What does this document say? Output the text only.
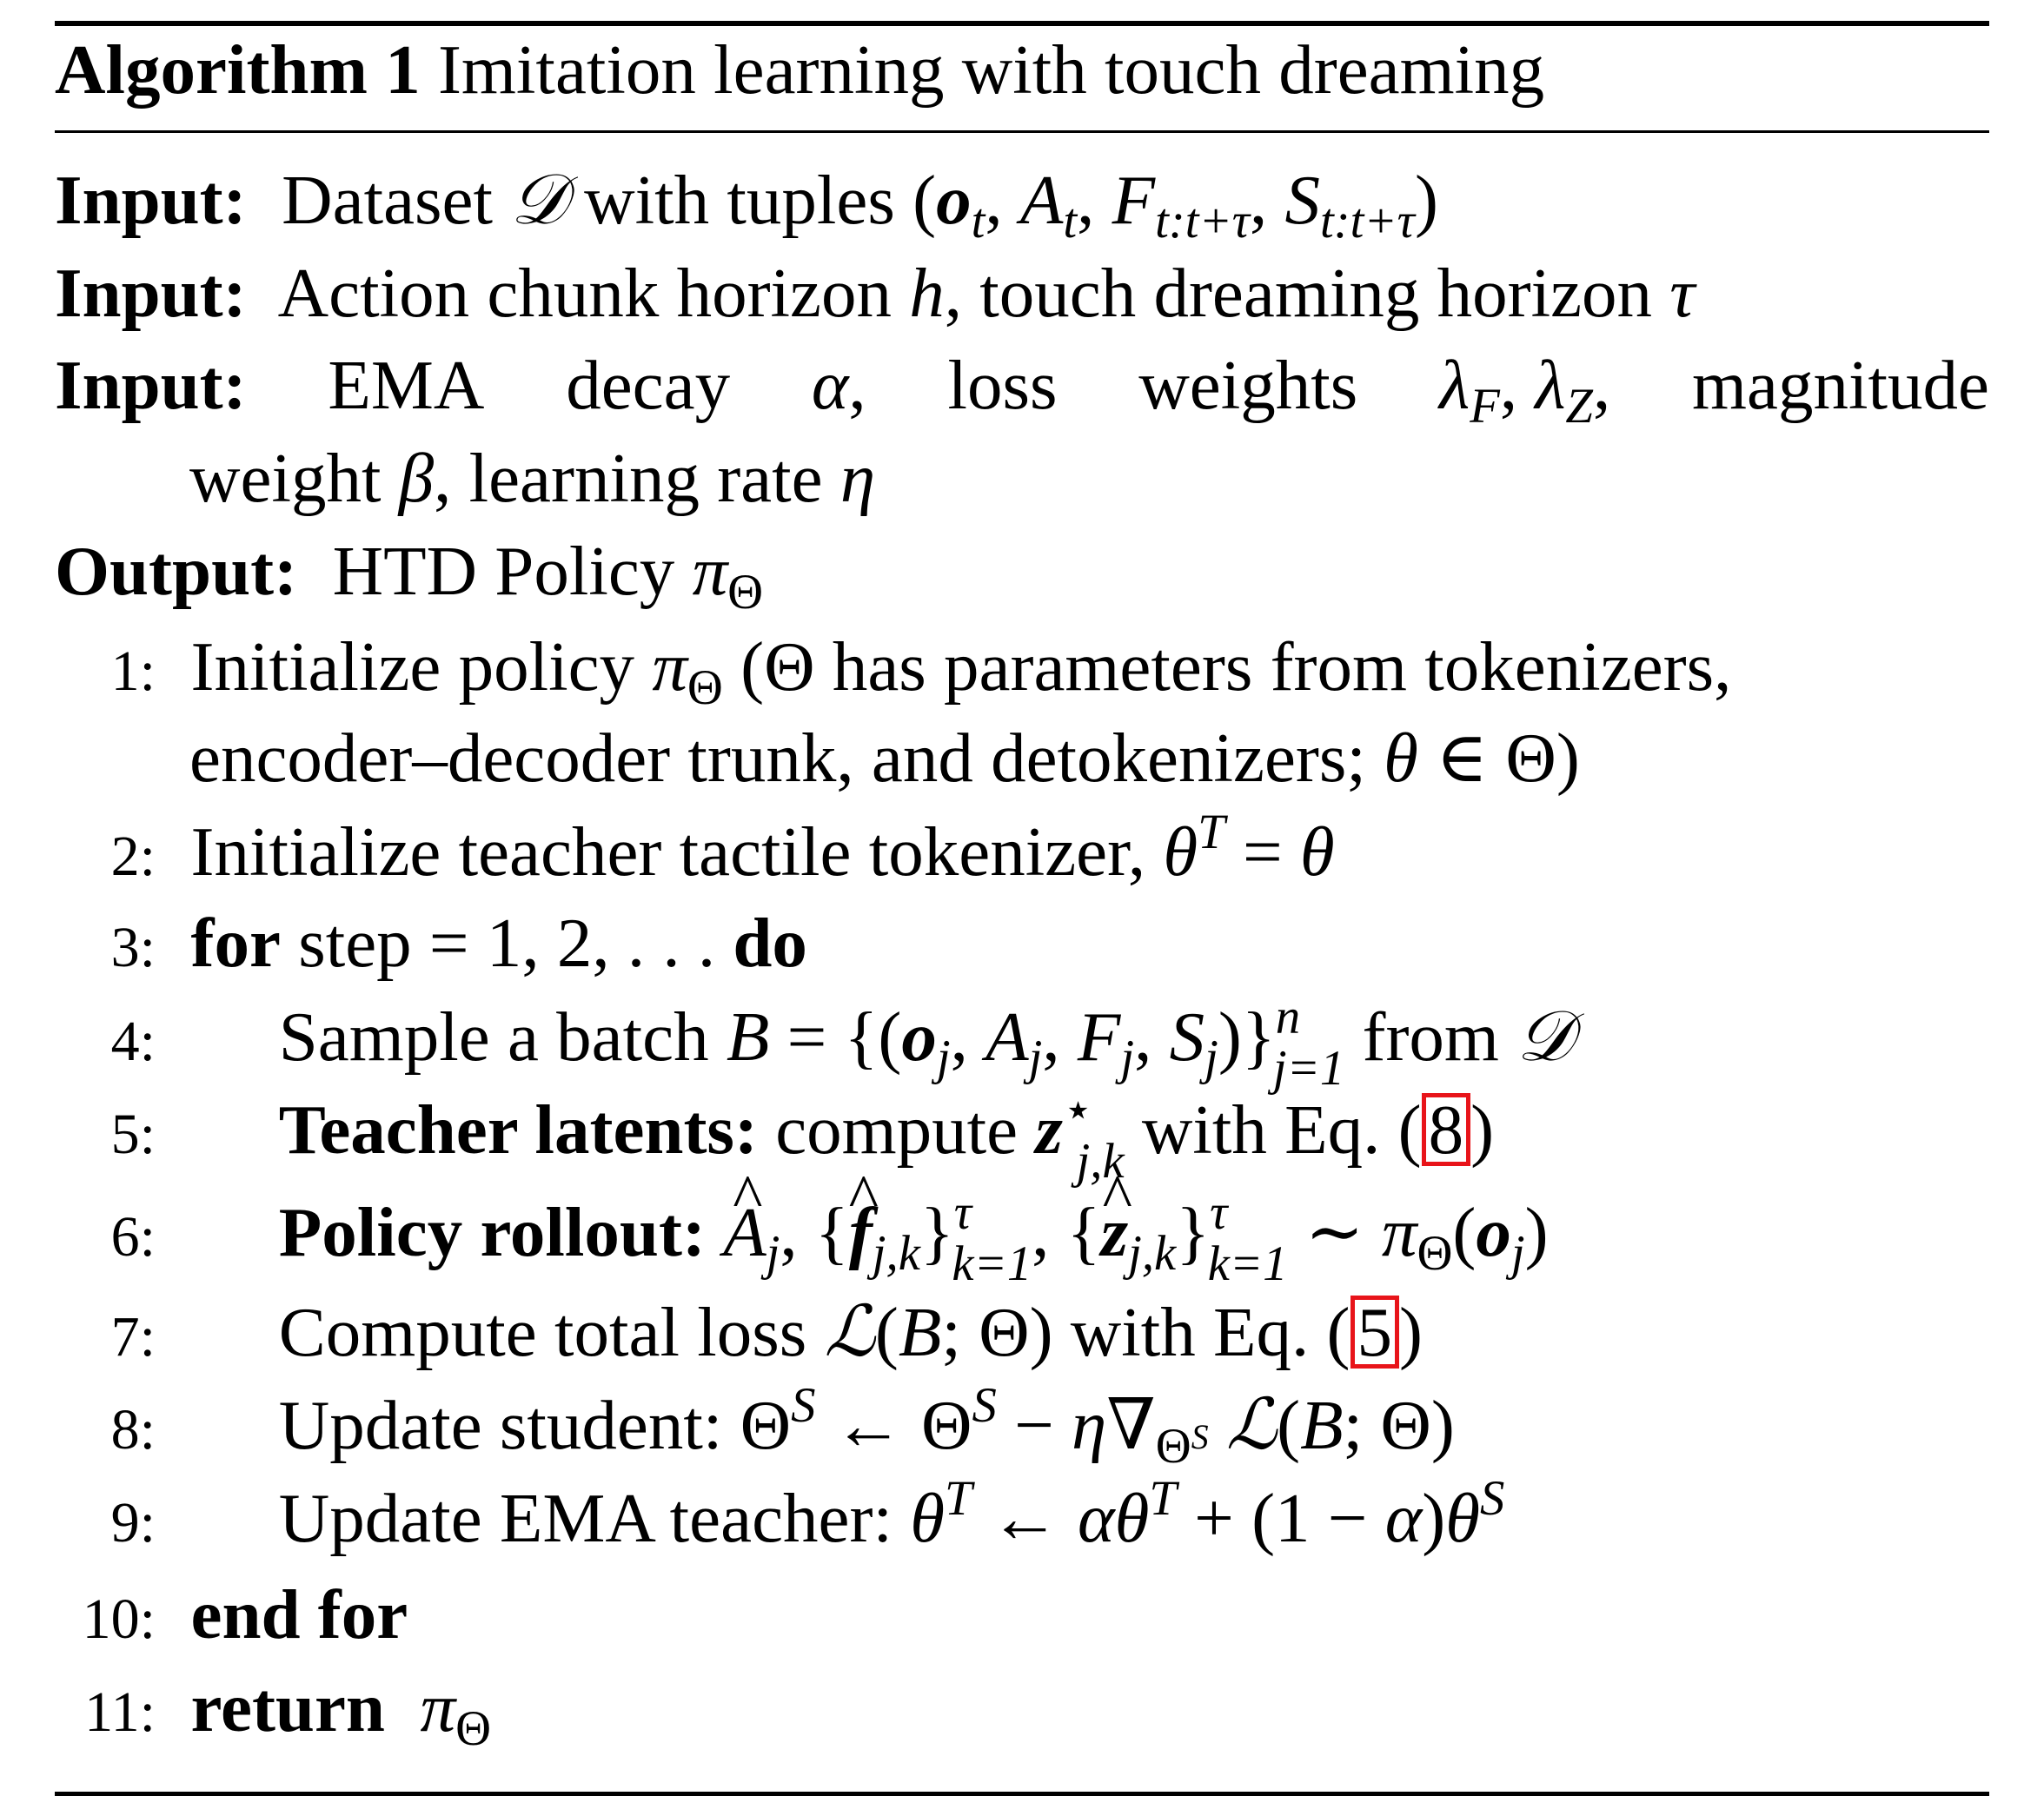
Algorithm 1 Imitation learning with touch dreaming
Input: Dataset 𝒟 with tuples ($o_t$, $A_t$, $F_{t:t+\tau}$, $S_{t:t+\tau}$)
Input: Action chunk horizon h, touch dreaming horizon τ
Input: EMA decay α, loss weights $\lambda_F$, $\lambda_Z$, magnitude
weight β, learning rate η
Output: HTD Policy $\pi_\Theta$
1: Initialize policy $\pi_\Theta$ (Θ has parameters from tokenizers,
encoder–decoder trunk, and detokenizers; θ ∈ Θ)
2: Initialize teacher tactile tokenizer, $\theta^T = \theta$
3: for step = 1, 2, . . . do
4: Sample a batch $B = \{(o_j$, $A_j$, $F_j$, $S_j)\}^n_{j=1}$ from 𝒟
5: Teacher latents: compute $z^⋆_{j,k}$ with Eq. (8)
6: Policy rollout: ^ $A_j$, {^ $f_{j,k}\}^\tau_{k=1}$, {^ $z_{j,k}\}^\tau_{k=1}$ ∼ $\pi_\Theta(o_j)$
7: Compute total loss ℒ(B; Θ) with Eq. (5)
8: Update student: $\Theta^S$ ← $\Theta^S - \eta\nabla_{\Theta^S}$ ℒ(B; Θ)
9: Update EMA teacher: $\theta^T$ ← $\alpha\theta^T + (1 - \alpha)\theta^S$
10: end for
11: return $\pi_\Theta$
